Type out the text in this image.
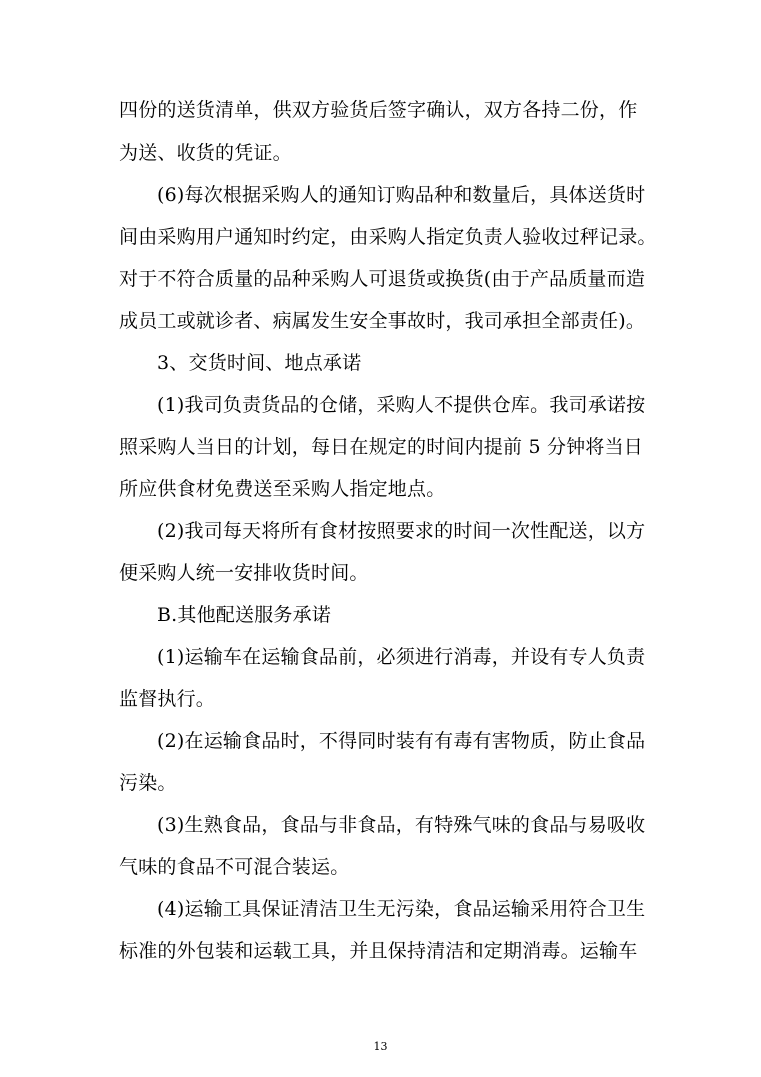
四份的送货清单，供双方验货后签字确认，双方各持二份，作
为送、收货的凭证。
(6)每次根据采购人的通知订购品种和数量后，具体送货时
间由采购用户通知时约定，由采购人指定负责人验收过秤记录。
对于不符合质量的品种采购人可退货或换货(由于产品质量而造
成员工或就诊者、病属发生安全事故时，我司承担全部责任)。
3、交货时间、地点承诺
(1)我司负责货品的仓储，采购人不提供仓库。我司承诺按
照采购人当日的计划，每日在规定的时间内提前 5 分钟将当日
所应供食材免费送至采购人指定地点。
(2)我司每天将所有食材按照要求的时间一次性配送，以方
便采购人统一安排收货时间。
B.其他配送服务承诺
(1)运输车在运输食品前，必须进行消毒，并设有专人负责
监督执行。
(2)在运输食品时，不得同时装有有毒有害物质，防止食品
污染。
(3)生熟食品，食品与非食品，有特殊气味的食品与易吸收
气味的食品不可混合装运。
(4)运输工具保证清洁卫生无污染，食品运输采用符合卫生
标准的外包装和运载工具，并且保持清洁和定期消毒。运输车
13
